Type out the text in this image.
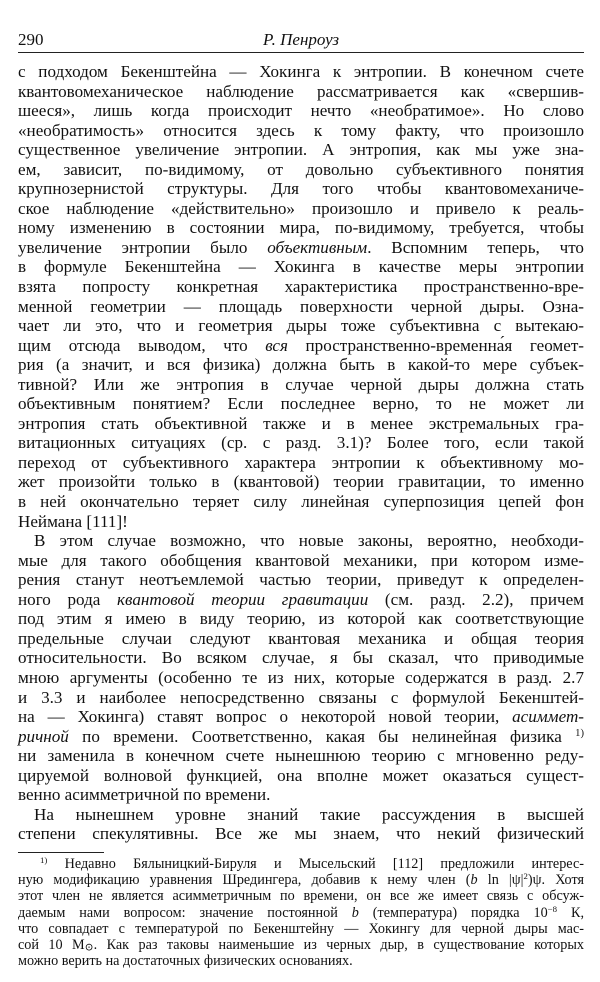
290	Р. Пенроуз
с подходом Бекенштейна — Хокинга к энтропии. В конечном счете
квантовомеханическое наблюдение рассматривается как «свершив-
шееся», лишь когда происходит нечто «необратимое». Но слово
«необратимость» относится здесь к тому факту, что произошло
существенное увеличение энтропии. А энтропия, как мы уже зна-
ем, зависит, по-видимому, от довольно субъективного понятия
крупнозернистой структуры. Для того чтобы квантовомеханиче-
ское наблюдение «действительно» произошло и привело к реаль-
ному изменению в состоянии мира, по-видимому, требуется, чтобы
увеличение энтропии было объективным. Вспомним теперь, что
в формуле Бекенштейна — Хокинга в качестве меры энтропии
взята попросту конкретная характеристика пространственно-вре-
менной геометрии — площадь поверхности черной дыры. Озна-
чает ли это, что и геометрия дыры тоже субъективна с вытекаю-
щим отсюда выводом, что вся пространственно-временна́я геомет-
рия (а значит, и вся физика) должна быть в какой-то мере субъек-
тивной? Или же энтропия в случае черной дыры должна стать
объективным понятием? Если последнее верно, то не может ли
энтропия стать объективной также и в менее экстремальных гра-
витационных ситуациях (ср. с разд. 3.1)? Более того, если такой
переход от субъективного характера энтропии к объективному мо-
жет произойти только в (квантовой) теории гравитации, то именно
в ней окончательно теряет силу линейная суперпозиция цепей фон
Неймана [111]!
В этом случае возможно, что новые законы, вероятно, необходи-
мые для такого обобщения квантовой механики, при котором изме-
рения станут неотъемлемой частью теории, приведут к определен-
ного рода квантовой теории гравитации (см. разд. 2.2), причем
под этим я имею в виду теорию, из которой как соответствующие
предельные случаи следуют квантовая механика и общая теория
относительности. Во всяком случае, я бы сказал, что приводимые
мною аргументы (особенно те из них, которые содержатся в разд. 2.7
и 3.3 и наиболее непосредственно связаны с формулой Бекенштей-
на — Хокинга) ставят вопрос о некоторой новой теории, асиммет-
ричной по времени. Соответственно, какая бы нелинейная физика $^{1)}$
ни заменила в конечном счете нынешнюю теорию с мгновенно реду-
цируемой волновой функцией, она вполне может оказаться сущест-
венно асимметричной по времени.
На нынешнем уровне знаний такие рассуждения в высшей
степени спекулятивны. Все же мы знаем, что некий физический
$^{1)}$ Недавно Бялыницкий-Бируля и Мысельский [112] предложили интерес-
ную модификацию уравнения Шредингера, добавив к нему член (b $\ln |\psi|^2)\psi$. Хотя
этот член не является асимметричным по времени, он все же имеет связь с обсуж-
даемым нами вопросом: значение постоянной b (температура) порядка $10^{-8}$ К,
что совпадает с температурой по Бекенштейну — Хокингу для черной дыры мас-
сой 10 M⊙. Как раз таковы наименьшие из черных дыр, в существование которых
можно верить на достаточных физических основаниях.
